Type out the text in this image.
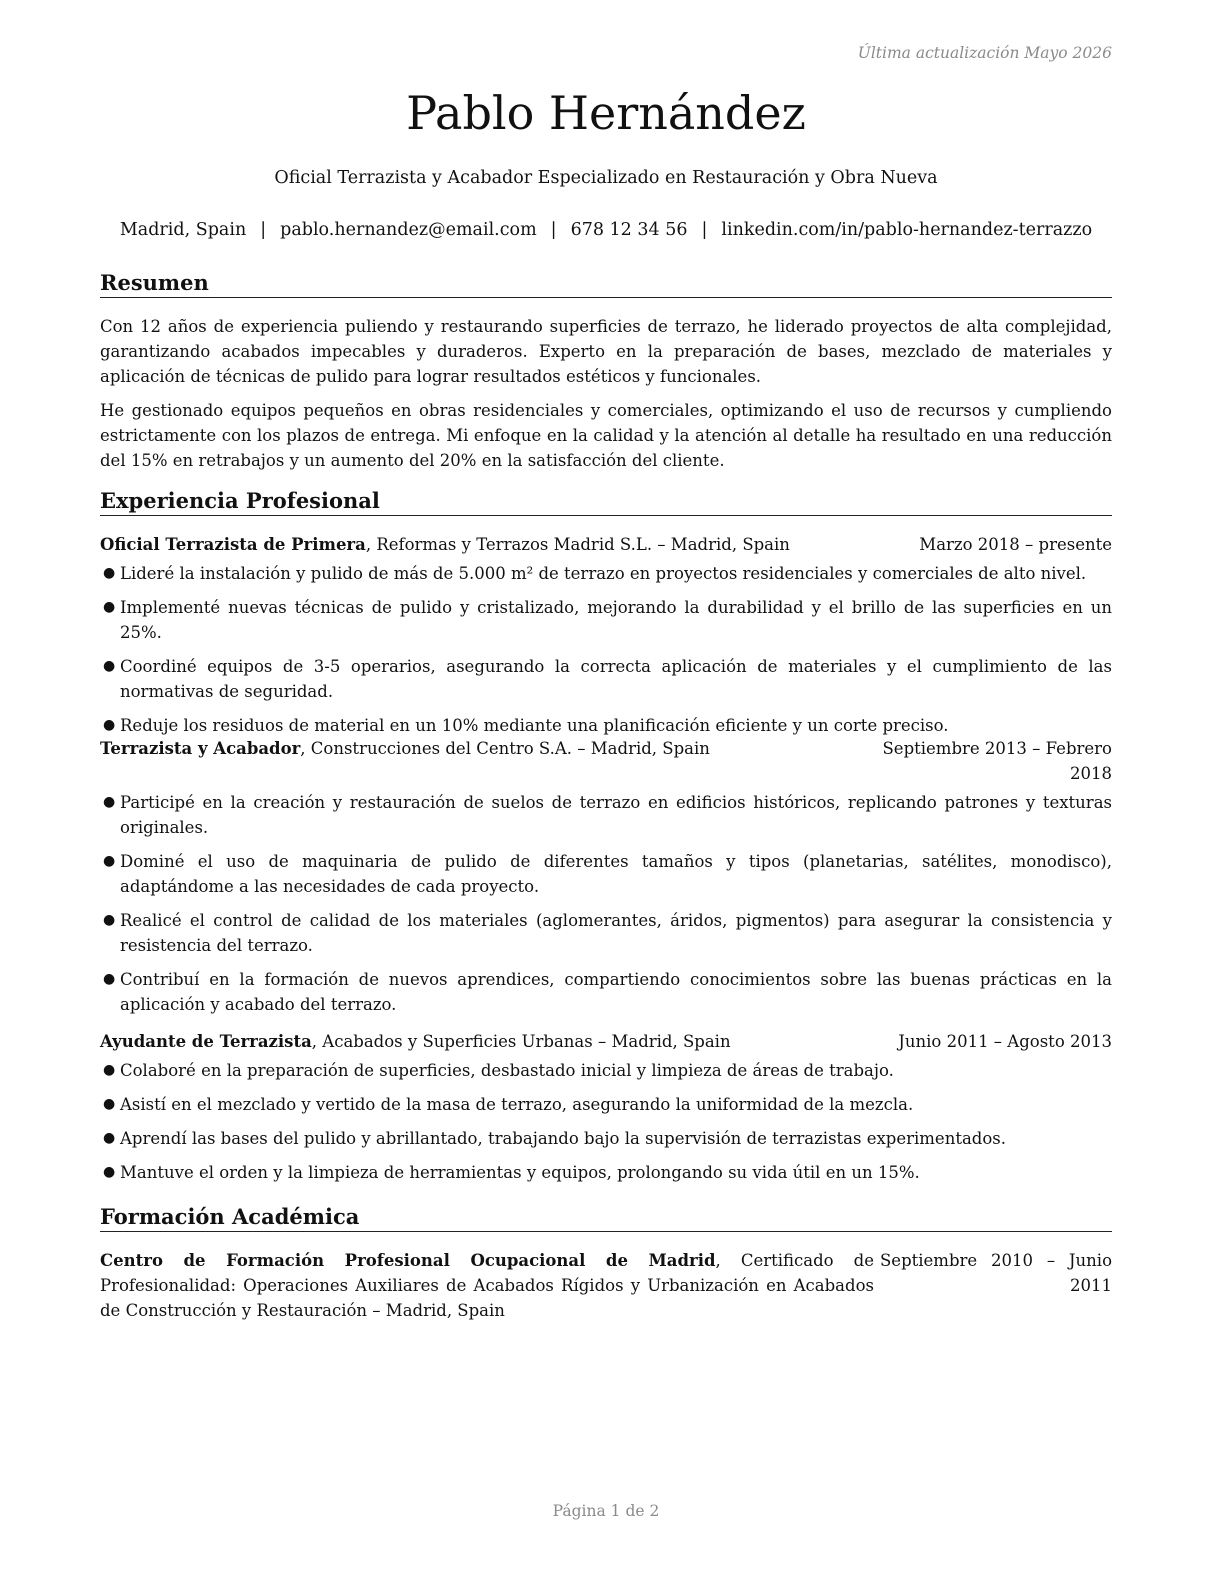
Última actualización Mayo 2026
Pablo Hernández
Oficial Terrazista y Acabador Especializado en Restauración y Obra Nueva
Madrid, Spain | pablo.hernandez@email.com | 678 12 34 56 | linkedin.com/in/pablo-hernandez-terrazzo
Resumen

Con 12 años de experiencia puliendo y restaurando superficies de terrazo, he liderado proyectos de alta complejidad, garantizando acabados impecables y duraderos. Experto en la preparación de bases, mezclado de materiales y aplicación de técnicas de pulido para lograr resultados estéticos y funcionales.

He gestionado equipos pequeños en obras residenciales y comerciales, optimizando el uso de recursos y cumpliendo estrictamente con los plazos de entrega. Mi enfoque en la calidad y la atención al detalle ha resultado en una reducción del 15% en retrabajos y un aumento del 20% en la satisfacción del cliente.

Experiencia Profesional
Oficial Terrazista de Primera, Reformas y Terrazos Madrid S.L. – Madrid, Spain	Marzo 2018 – presente
● Lideré la instalación y pulido de más de 5.000 m² de terrazo en proyectos residenciales y comerciales de alto nivel.
● Implementé nuevas técnicas de pulido y cristalizado, mejorando la durabilidad y el brillo de las superficies en un 25%.
● Coordiné equipos de 3-5 operarios, asegurando la correcta aplicación de materiales y el cumplimiento de las normativas de seguridad.
● Reduje los residuos de material en un 10% mediante una planificación eficiente y un corte preciso.
Terrazista y Acabador, Construcciones del Centro S.A. – Madrid, Spain	Septiembre 2013 – Febrero 2018
● Participé en la creación y restauración de suelos de terrazo en edificios históricos, replicando patrones y texturas originales.
● Dominé el uso de maquinaria de pulido de diferentes tamaños y tipos (planetarias, satélites, monodisco), adaptándome a las necesidades de cada proyecto.
● Realicé el control de calidad de los materiales (aglomerantes, áridos, pigmentos) para asegurar la consistencia y resistencia del terrazo.
● Contribuí en la formación de nuevos aprendices, compartiendo conocimientos sobre las buenas prácticas en la aplicación y acabado del terrazo.
Ayudante de Terrazista, Acabados y Superficies Urbanas – Madrid, Spain	Junio 2011 – Agosto 2013
● Colaboré en la preparación de superficies, desbastado inicial y limpieza de áreas de trabajo.
● Asistí en el mezclado y vertido de la masa de terrazo, asegurando la uniformidad de la mezcla.
● Aprendí las bases del pulido y abrillantado, trabajando bajo la supervisión de terrazistas experimentados.
● Mantuve el orden y la limpieza de herramientas y equipos, prolongando su vida útil en un 15%.
Formación Académica
Centro de Formación Profesional Ocupacional de Madrid, Certificado de Profesionalidad: Operaciones Auxiliares de Acabados Rígidos y Urbanización en Acabados de Construcción y Restauración – Madrid, Spain
Septiembre 2010 – Junio 2011
Página 1 de 2
